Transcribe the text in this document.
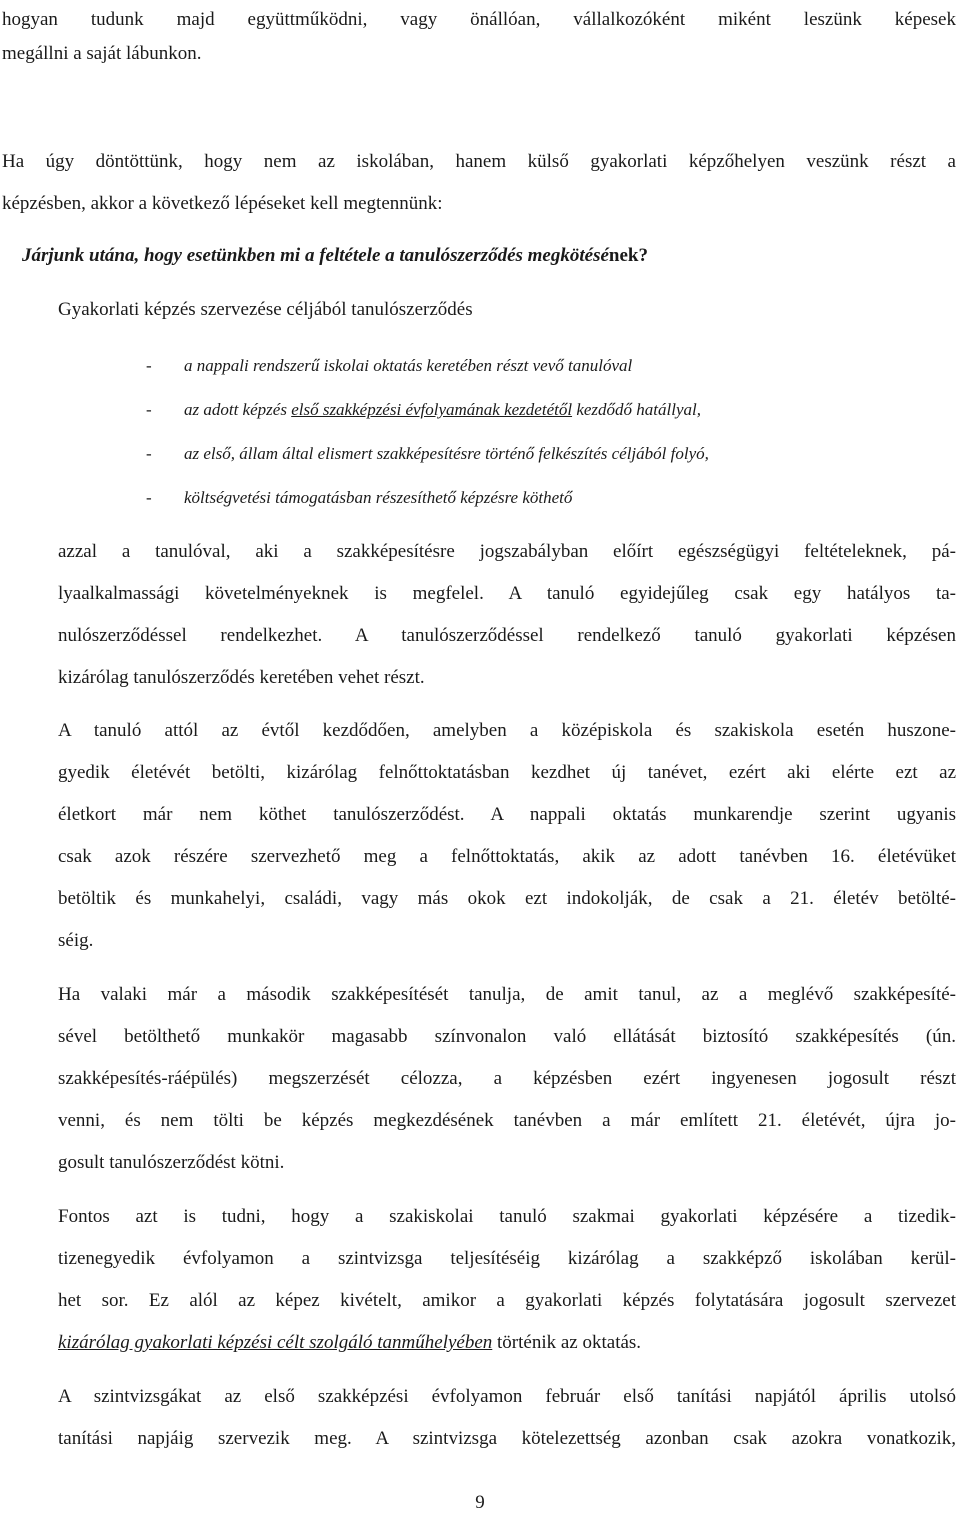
hogyan tudunk majd együttműködni, vagy önállóan, vállalkozóként miként leszünk képesek
megállni a saját lábunkon.
Ha úgy döntöttünk, hogy nem az iskolában, hanem külső gyakorlati képzőhelyen veszünk részt a
képzésben, akkor a következő lépéseket kell megtennünk:
Járjunk utána, hogy esetünkben mi a feltétele a tanulószerződés megkötésének?
Gyakorlati képzés szervezése céljából tanulószerződés
- a nappali rendszerű iskolai oktatás keretében részt vevő tanulóval
- az adott képzés első szakképzési évfolyamának kezdetétől kezdődő hatállyal,
- az első, állam által elismert szakképesítésre történő felkészítés céljából folyó,
- költségvetési támogatásban részesíthető képzésre köthető
azzal a tanulóval, aki a szakképesítésre jogszabályban előírt egészségügyi feltételeknek, pá-
lyaalkalmassági követelményeknek is megfelel. A tanuló egyidejűleg csak egy hatályos ta-
nulószerződéssel rendelkezhet. A tanulószerződéssel rendelkező tanuló gyakorlati képzésen
kizárólag tanulószerződés keretében vehet részt.
A tanuló attól az évtől kezdődően, amelyben a középiskola és szakiskola esetén huszone-
gyedik életévét betölti, kizárólag felnőttoktatásban kezdhet új tanévet, ezért aki elérte ezt az
életkort már nem köthet tanulószerződést. A nappali oktatás munkarendje szerint ugyanis
csak azok részére szervezhető meg a felnőttoktatás, akik az adott tanévben 16. életévüket
betöltik és munkahelyi, családi, vagy más okok ezt indokolják, de csak a 21. életév betölté-
séig.
Ha valaki már a második szakképesítését tanulja, de amit tanul, az a meglévő szakképesíté-
sével betölthető munkakör magasabb színvonalon való ellátását biztosító szakképesítés (ún.
szakképesítés-ráépülés) megszerzését célozza, a képzésben ezért ingyenesen jogosult részt
venni, és nem tölti be képzés megkezdésének tanévben a már említett 21. életévét, újra jo-
gosult tanulószerződést kötni.
Fontos azt is tudni, hogy a szakiskolai tanuló szakmai gyakorlati képzésére a tizedik-
tizenegyedik évfolyamon a szintvizsga teljesítéséig kizárólag a szakképző iskolában kerül-
het sor. Ez alól az képez kivételt, amikor a gyakorlati képzés folytatására jogosult szervezet
kizárólag gyakorlati képzési célt szolgáló tanműhelyében történik az oktatás.
A szintvizsgákat az első szakképzési évfolyamon február első tanítási napjától április utolsó
tanítási napjáig szervezik meg. A szintvizsga kötelezettség azonban csak azokra vonatkozik,
9
